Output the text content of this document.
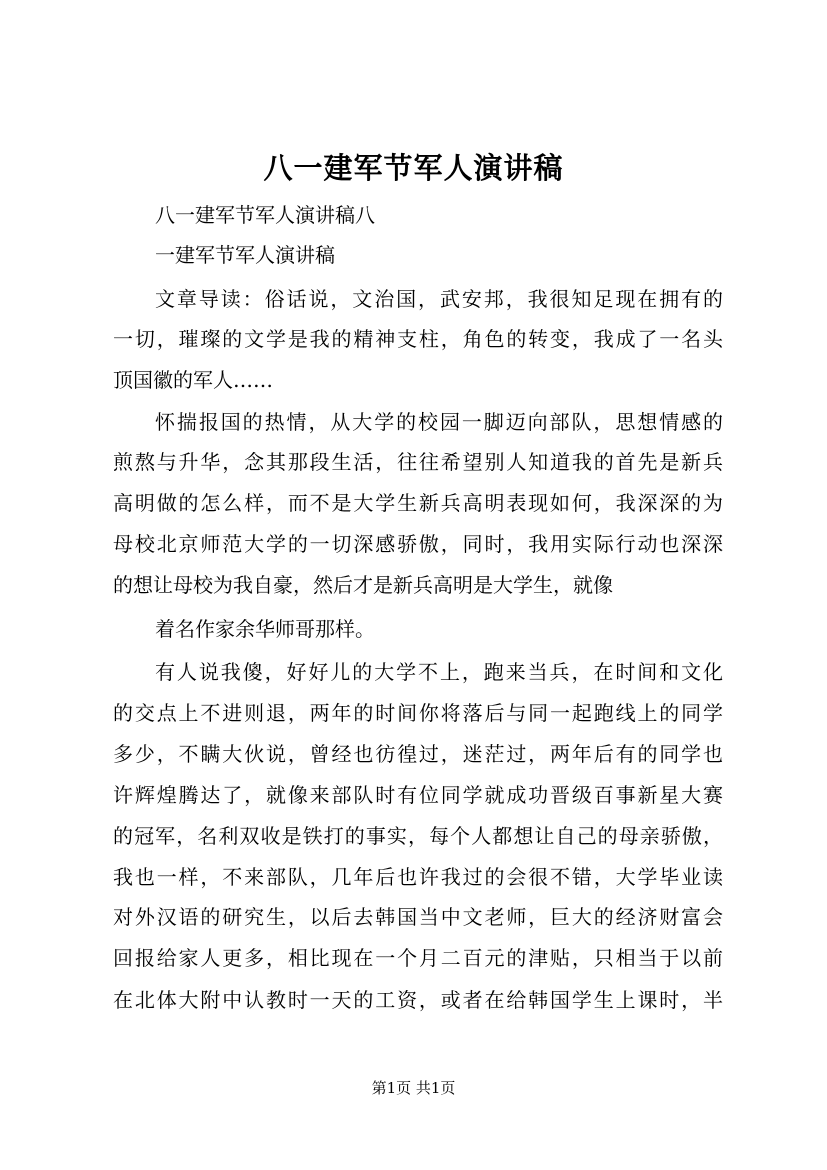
八一建军节军人演讲稿
八一建军节军人演讲稿八
一建军节军人演讲稿
文章导读：俗话说，文治国，武安邦，我很知足现在拥有的
一切，璀璨的文学是我的精神支柱，角色的转变，我成了一名头
顶国徽的军人……
怀揣报国的热情，从大学的校园一脚迈向部队，思想情感的
煎熬与升华，念其那段生活，往往希望别人知道我的首先是新兵
高明做的怎么样，而不是大学生新兵高明表现如何，我深深的为
母校北京师范大学的一切深感骄傲，同时，我用实际行动也深深
的想让母校为我自豪，然后才是新兵高明是大学生，就像
着名作家余华师哥那样。
有人说我傻，好好儿的大学不上，跑来当兵，在时间和文化
的交点上不进则退，两年的时间你将落后与同一起跑线上的同学
多少，不瞒大伙说，曾经也彷徨过，迷茫过，两年后有的同学也
许辉煌腾达了，就像来部队时有位同学就成功晋级百事新星大赛
的冠军，名利双收是铁打的事实，每个人都想让自己的母亲骄傲，
我也一样，不来部队，几年后也许我过的会很不错，大学毕业读
对外汉语的研究生，以后去韩国当中文老师，巨大的经济财富会
回报给家人更多，相比现在一个月二百元的津贴，只相当于以前
在北体大附中认教时一天的工资，或者在给韩国学生上课时，半
第1页 共1页
